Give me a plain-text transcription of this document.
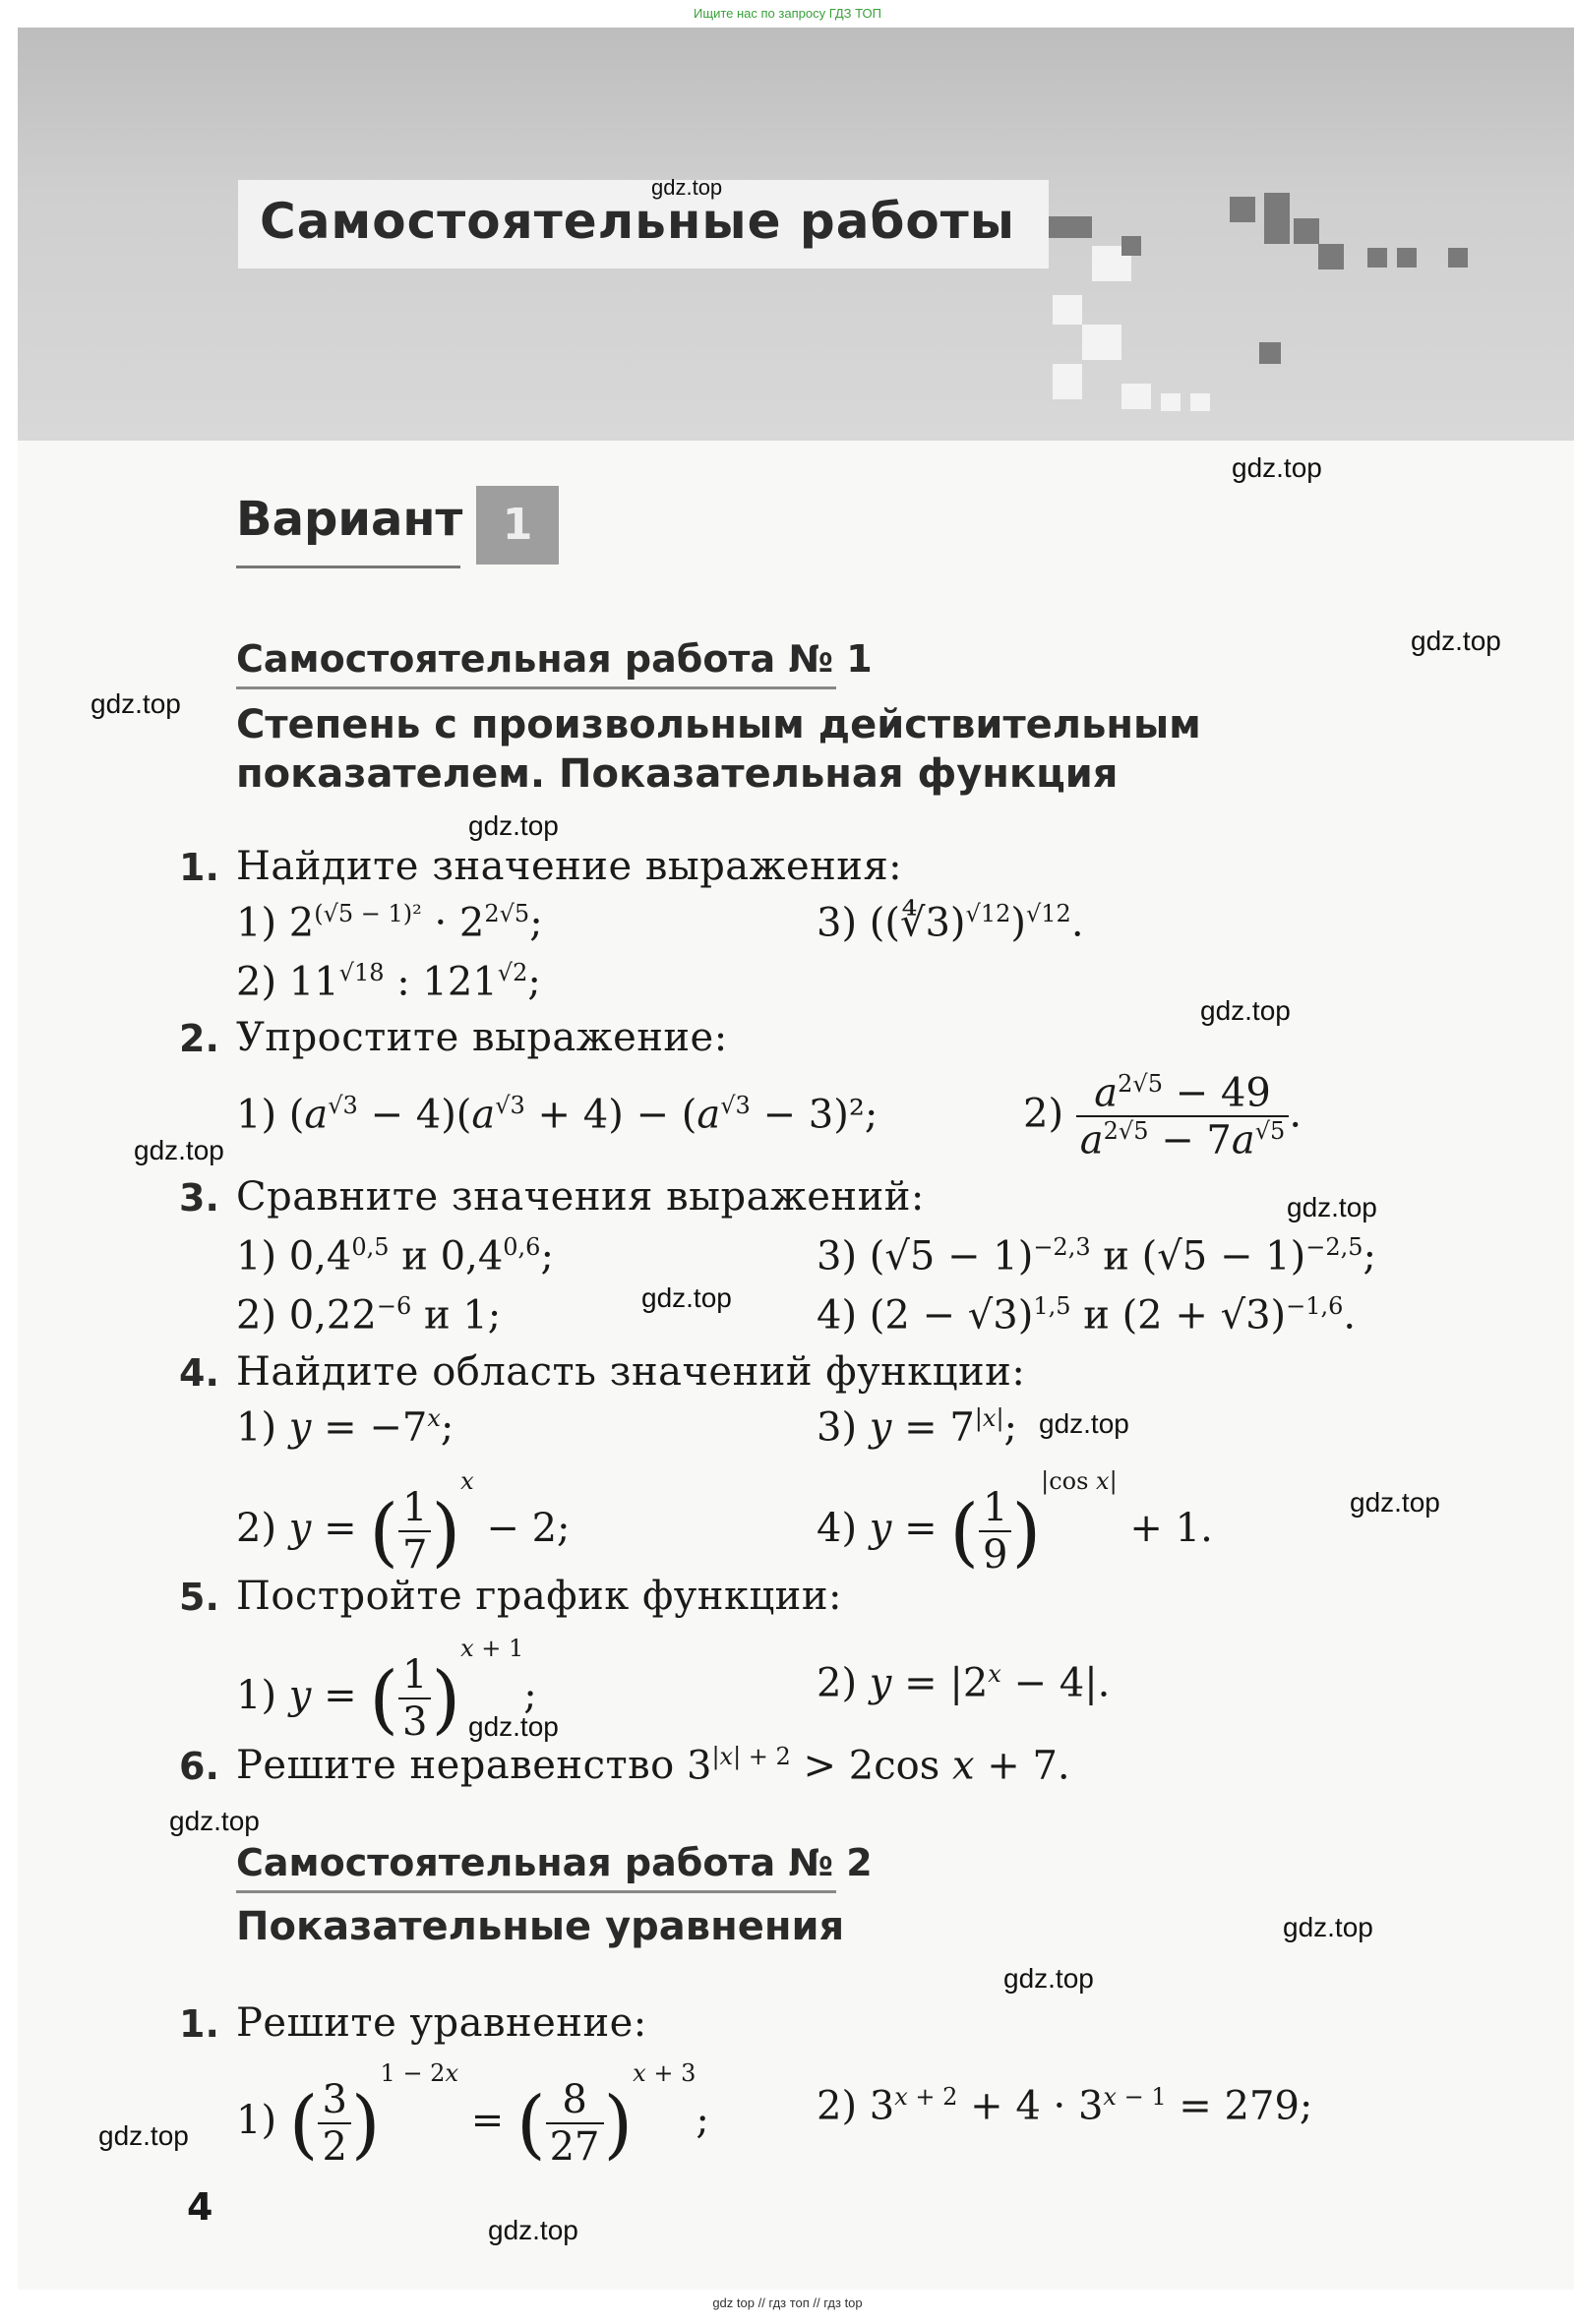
Ищите нас по запросу ГДЗ ТОП
Самостоятельные работы
Вариант 1
Самостоятельная работа № 1
Степень с произвольным действительным
показателем. Показательная функция
1. Найдите значение выражения:
1) $2^{(√5 - 1)^2} \cdot 2^{2√5}$;	3) ((∜3)$^{√12}$)$^{√12}$.
2) $11^{√18}$ : $121^{√2}$;
2. Упростите выражение:
1) $(a^{√3} - 4)(a^{√3} + 4) - (a^{√3} - 3)^2$;	$2) \frac{a^{2√5} - 49}{a^{2√5} - 7a^{√5}}$ .
3. Сравните значения выражений:
1) 0,4$^{0,5}$ и 0,4$^{0,6}$;	3) $(√5 - 1)^{-2,3}$ и $(√5 - 1)^{-2,5}$;
2) $0,22^{-6}$ и 1;	4) $(2 - √3)^{1,5}$ и $(2 + √3)^{-1,6}$.
4. Найдите область значений функции:
1) $y = -7^x$;	3) $y = 7^{|x|}$;
2) y = ( $\frac{1}{7} )^x - 2$;	4) y = ( $\frac{1}{9} )^{|cos x|} + 1$.
5. Постройте график функции:
1) y = ( $\frac{1}{3} )^{x + 1}$;	2) $y = |2^x - 4|$.
6. Решите неравенство $3^{|x| + 2} > 2\cos$ x + 7.
Самостоятельная работа № 2
Показательные уравнения
1. Решите уравнение:
1) ( $\frac{3}{2} )^{1 - 2x}$ = ( $\frac{8}{27} )^{x + 3}$;	2) $3^{x + 2} + 4 \cdot 3^{x - 1} = 279$;
4
gdz.top
gdz.top
gdz.top
gdz.top
gdz.top
gdz.top
gdz.top
gdz.top
gdz.top
gdz.top
gdz.top
gdz.top
gdz.top
gdz.top
gdz.top
gdz.top
gdz.top
gdz top // гдз топ // гдз top
